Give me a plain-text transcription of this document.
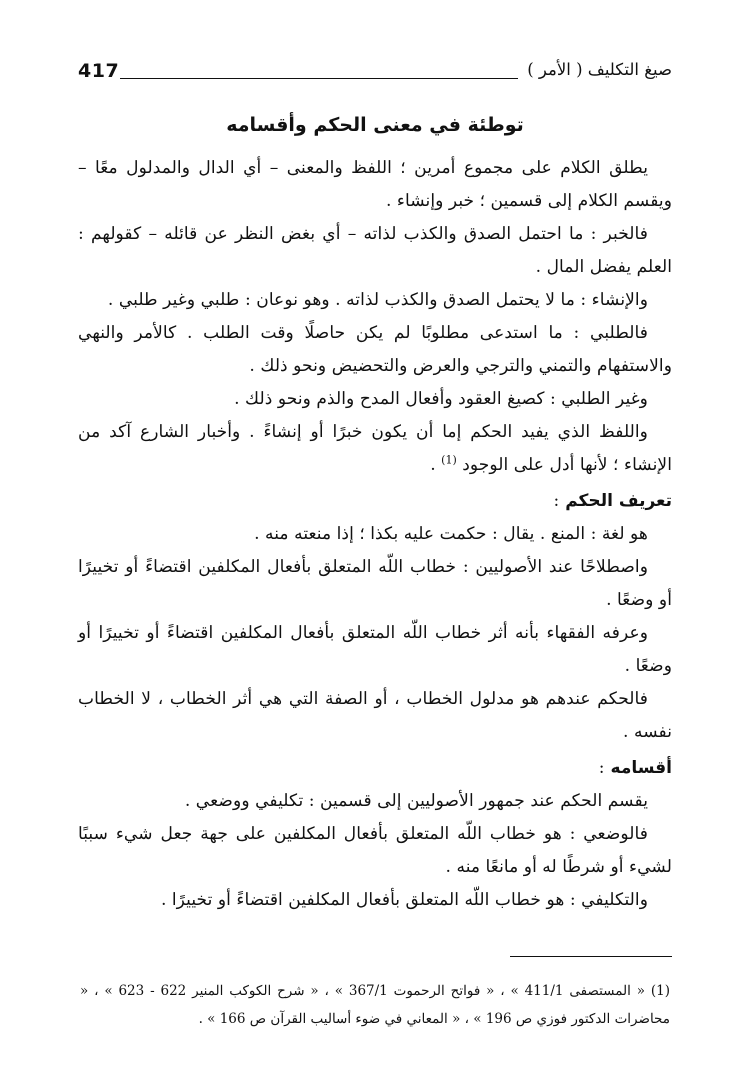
417	صيغ التكليف ( الأمر )
توطئة في معنى الحكم وأقسامه

يطلق الكلام على مجموع أمرين ؛ اللفظ والمعنى – أي الدال والمدلول معًا – ويقسم الكلام إلى قسمين ؛ خبر وإنشاء .

فالخبر : ما احتمل الصدق والكذب لذاته – أي بغض النظر عن قائله – كقولهم : العلم يفضل المال .

والإنشاء : ما لا يحتمل الصدق والكذب لذاته . وهو نوعان : طلبي وغير طلبي .

فالطلبي : ما استدعى مطلوبًا لم يكن حاصلًا وقت الطلب . كالأمر والنهي والاستفهام والتمني والترجي والعرض والتحضيض ونحو ذلك .

وغير الطلبي : كصيغ العقود وأفعال المدح والذم ونحو ذلك .

واللفظ الذي يفيد الحكم إما أن يكون خبرًا أو إنشاءً . وأخبار الشارع آكد من الإنشاء ؛ لأنها أدل على الوجود $^{(1)}$ .

تعريف الحكم:

هو لغة : المنع . يقال : حكمت عليه بكذا ؛ إذا منعته منه .

واصطلاحًا عند الأصوليين : خطاب اللّه المتعلق بأفعال المكلفين اقتضاءً أو تخييرًا أو وضعًا .

وعرفه الفقهاء بأنه أثر خطاب اللّه المتعلق بأفعال المكلفين اقتضاءً أو تخييرًا أو وضعًا .

فالحكم عندهم هو مدلول الخطاب ، أو الصفة التي هي أثر الخطاب ، لا الخطاب نفسه .

أقسامه:

يقسم الحكم عند جمهور الأصوليين إلى قسمين : تكليفي ووضعي .

فالوضعي : هو خطاب اللّه المتعلق بأفعال المكلفين على جهة جعل شيء سببًا لشيء أو شرطًا له أو مانعًا منه .

والتكليفي : هو خطاب اللّه المتعلق بأفعال المكلفين اقتضاءً أو تخييرًا .

(1) « المستصفى 411/1 » ، « فواتح الرحموت 367/1 » ، « شرح الكوكب المنير 622 - 623 » ، « محاضرات الدكتور فوزي ص 196 » ، « المعاني في ضوء أساليب القرآن ص 166 » .
